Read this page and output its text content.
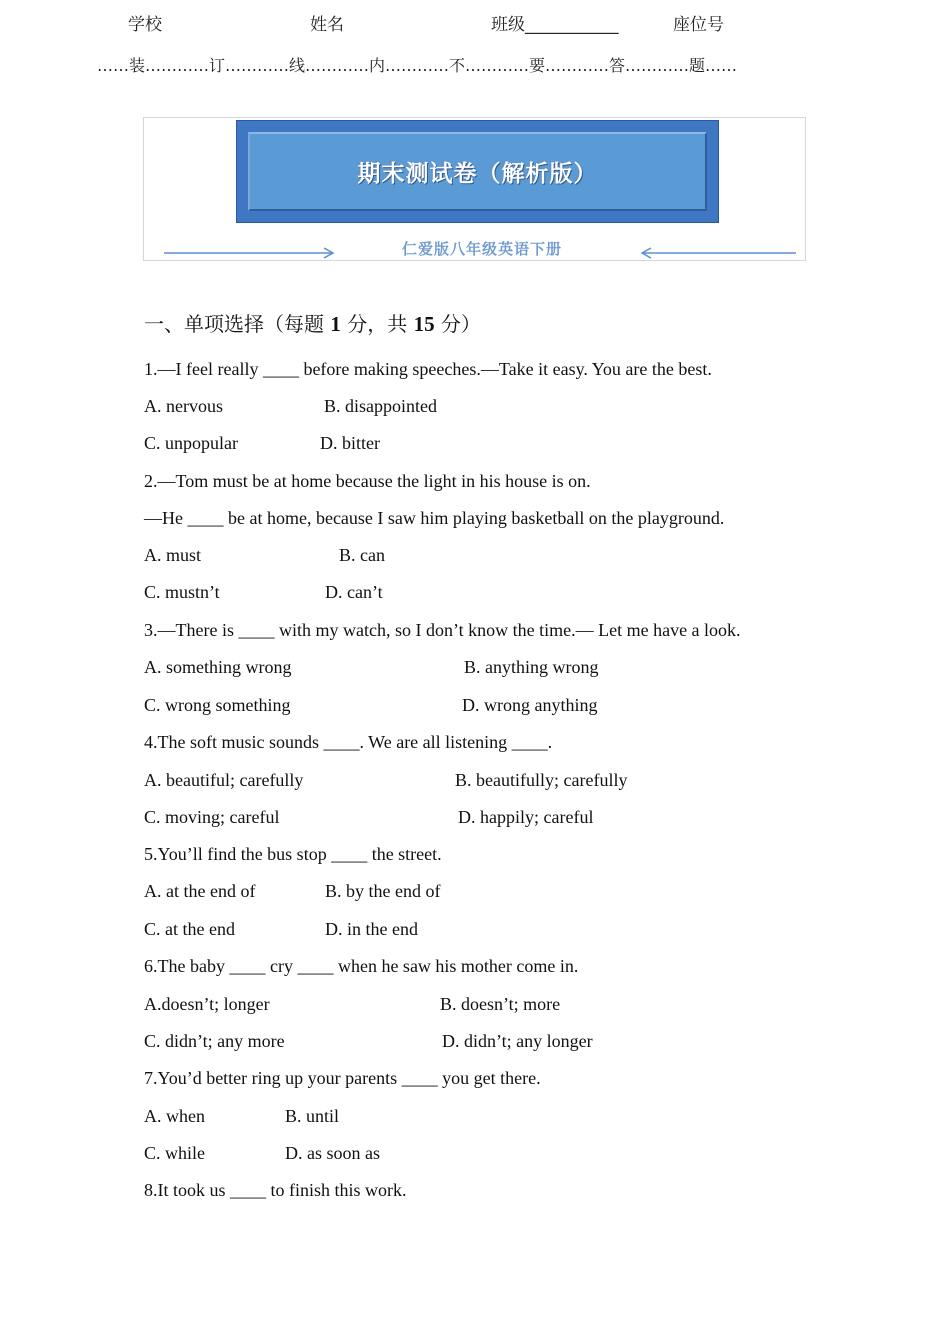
学校	姓名	班级___________	座位号
……装…………订…………线…………内…………不…………要…………答…………题……
期末测试卷（解析版）
仁爱版八年级英语下册
一、单项选择（每题 1 分，共 15 分）
1.—I feel really ____ before making speeches.—Take it easy. You are the best.
A. nervous	B. disappointed
C. unpopular	D. bitter
2.—Tom must be at home because the light in his house is on.
—He ____ be at home, because I saw him playing basketball on the playground.
A. must	B. can
C. mustn’t	D. can’t
3.—There is ____ with my watch, so I don’t know the time.— Let me have a look.
A. something wrong	B. anything wrong
C. wrong something	D. wrong anything
4.The soft music sounds ____. We are all listening ____.
A. beautiful; carefully	B. beautifully; carefully
C. moving; careful	D. happily; careful
5.You’ll find the bus stop ____ the street.
A. at the end of	B. by the end of
C. at the end	D. in the end
6.The baby ____ cry ____ when he saw his mother come in.
A.doesn’t; longer	B. doesn’t; more
C. didn’t; any more	D. didn’t; any longer
7.You’d better ring up your parents ____ you get there.
A. when	B. until
C. while	D. as soon as
8.It took us ____ to finish this work.
